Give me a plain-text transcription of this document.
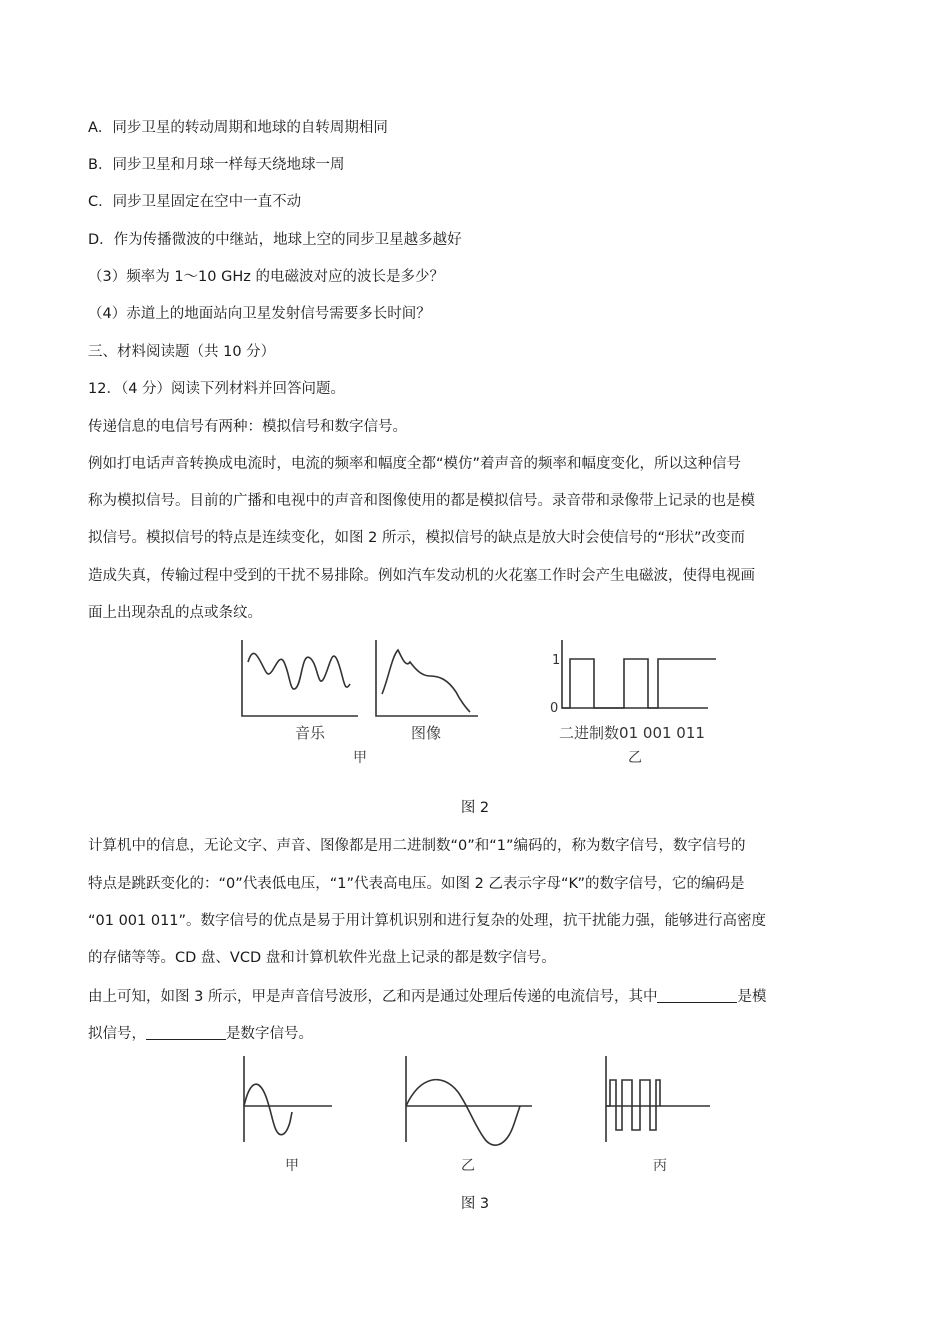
A．同步卫星的转动周期和地球的自转周期相同
B．同步卫星和月球一样每天绕地球一周
C．同步卫星固定在空中一直不动
D．作为传播微波的中继站，地球上空的同步卫星越多越好
（3）频率为 1～10 GHz 的电磁波对应的波长是多少？
（4）赤道上的地面站向卫星发射信号需要多长时间？
三、材料阅读题（共 10 分）
12．（4 分）阅读下列材料并回答问题。
传递信息的电信号有两种：模拟信号和数字信号。
例如打电话声音转换成电流时，电流的频率和幅度全都“模仿”着声音的频率和幅度变化，所以这种信号
称为模拟信号。目前的广播和电视中的声音和图像使用的都是模拟信号。录音带和录像带上记录的也是模
拟信号。模拟信号的特点是连续变化，如图 2 所示，模拟信号的缺点是放大时会使信号的“形状”改变而
造成失真，传输过程中受到的干扰不易排除。例如汽车发动机的火花塞工作时会产生电磁波，使得电视画
面上出现杂乱的点或条纹。
音乐	图像
甲
1
0
二进制数01 001 011
乙
图 2
计算机中的信息，无论文字、声音、图像都是用二进制数“0”和“1”编码的，称为数字信号，数字信号的
特点是跳跃变化的：“0”代表低电压，“1”代表高电压。如图 2 乙表示字母“K”的数字信号，它的编码是
“01 001 011”。数字信号的优点是易于用计算机识别和进行复杂的处理，抗干扰能力强，能够进行高密度
的存储等等。CD 盘、VCD 盘和计算机软件光盘上记录的都是数字信号。
由上可知，如图 3 所示，甲是声音信号波形，乙和丙是通过处理后传递的电流信号，其中	是模
拟信号，	是数字信号。
甲	乙	丙
图 3
